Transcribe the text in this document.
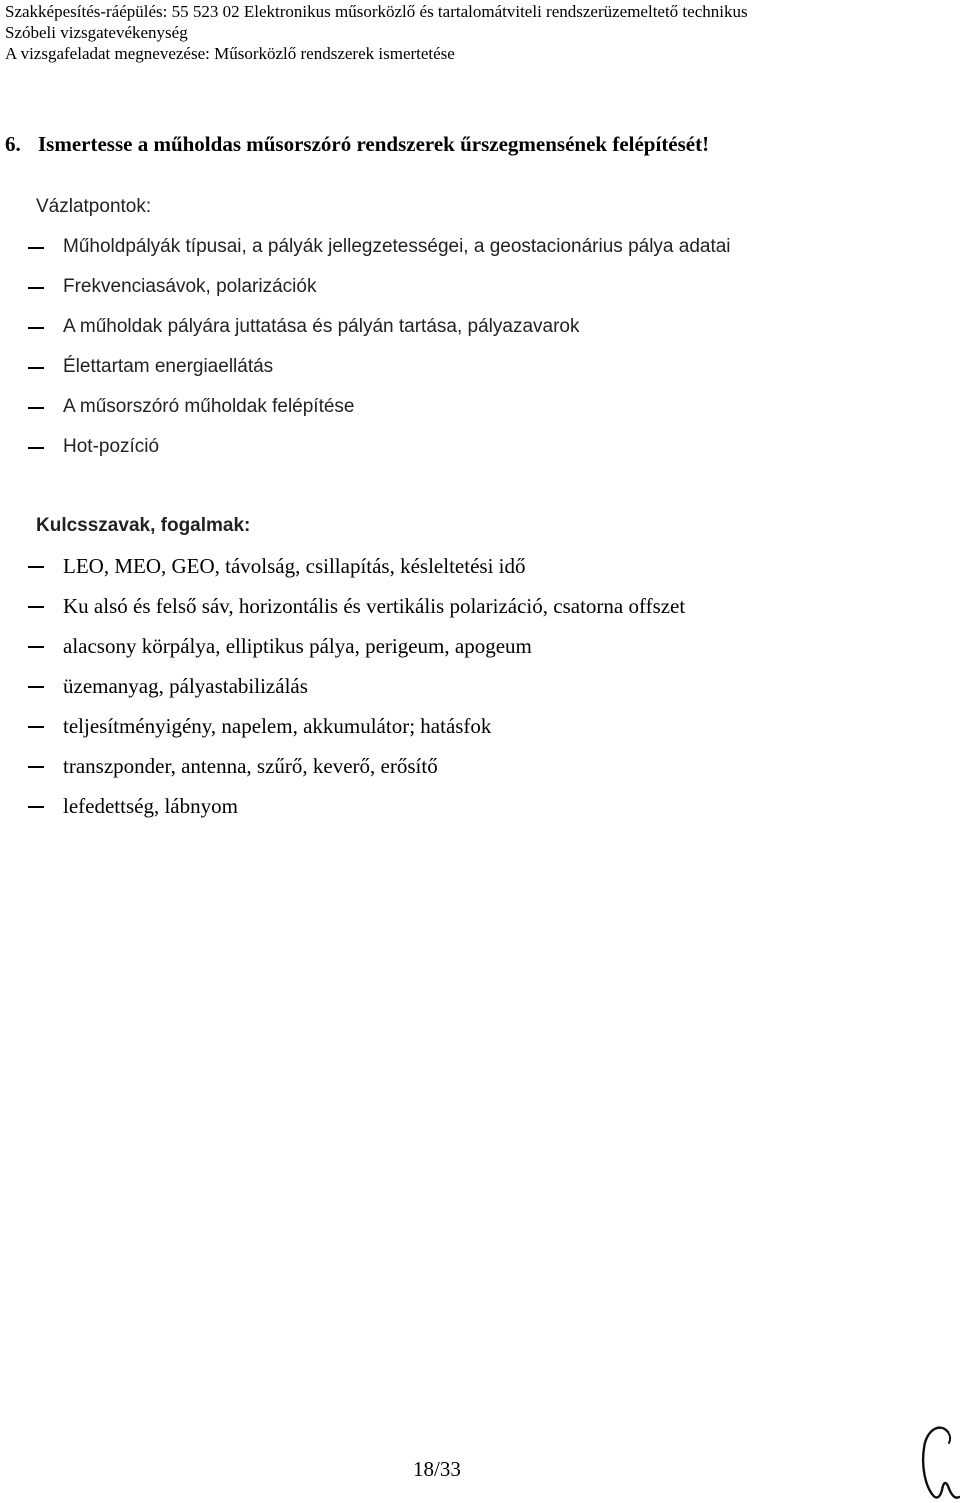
Szakképesítés-ráépülés: 55 523 02 Elektronikus műsorközlő és tartalomátviteli rendszerüzemeltető technikus
Szóbeli vizsgatevékenység
A vizsgafeladat megnevezése: Műsorközlő rendszerek ismertetése
6. Ismertesse a műholdas műsorszóró rendszerek űrszegmensének felépítését!
Vázlatpontok:
Műholdpályák típusai, a pályák jellegzetességei, a geostacionárius pálya adatai
Frekvenciasávok, polarizációk
A műholdak pályára juttatása és pályán tartása, pályazavarok
Élettartam energiaellátás
A műsorszóró műholdak felépítése
Hot-pozíció
Kulcsszavak, fogalmak:
LEO, MEO, GEO, távolság, csillapítás, késleltetési idő
Ku alsó és felső sáv, horizontális és vertikális polarizáció, csatorna offszet
alacsony körpálya, elliptikus pálya, perigeum, apogeum
üzemanyag, pályastabilizálás
teljesítményigény, napelem, akkumulátor; hatásfok
transzponder, antenna, szűrő, keverő, erősítő
lefedettség, lábnyom
18/33
